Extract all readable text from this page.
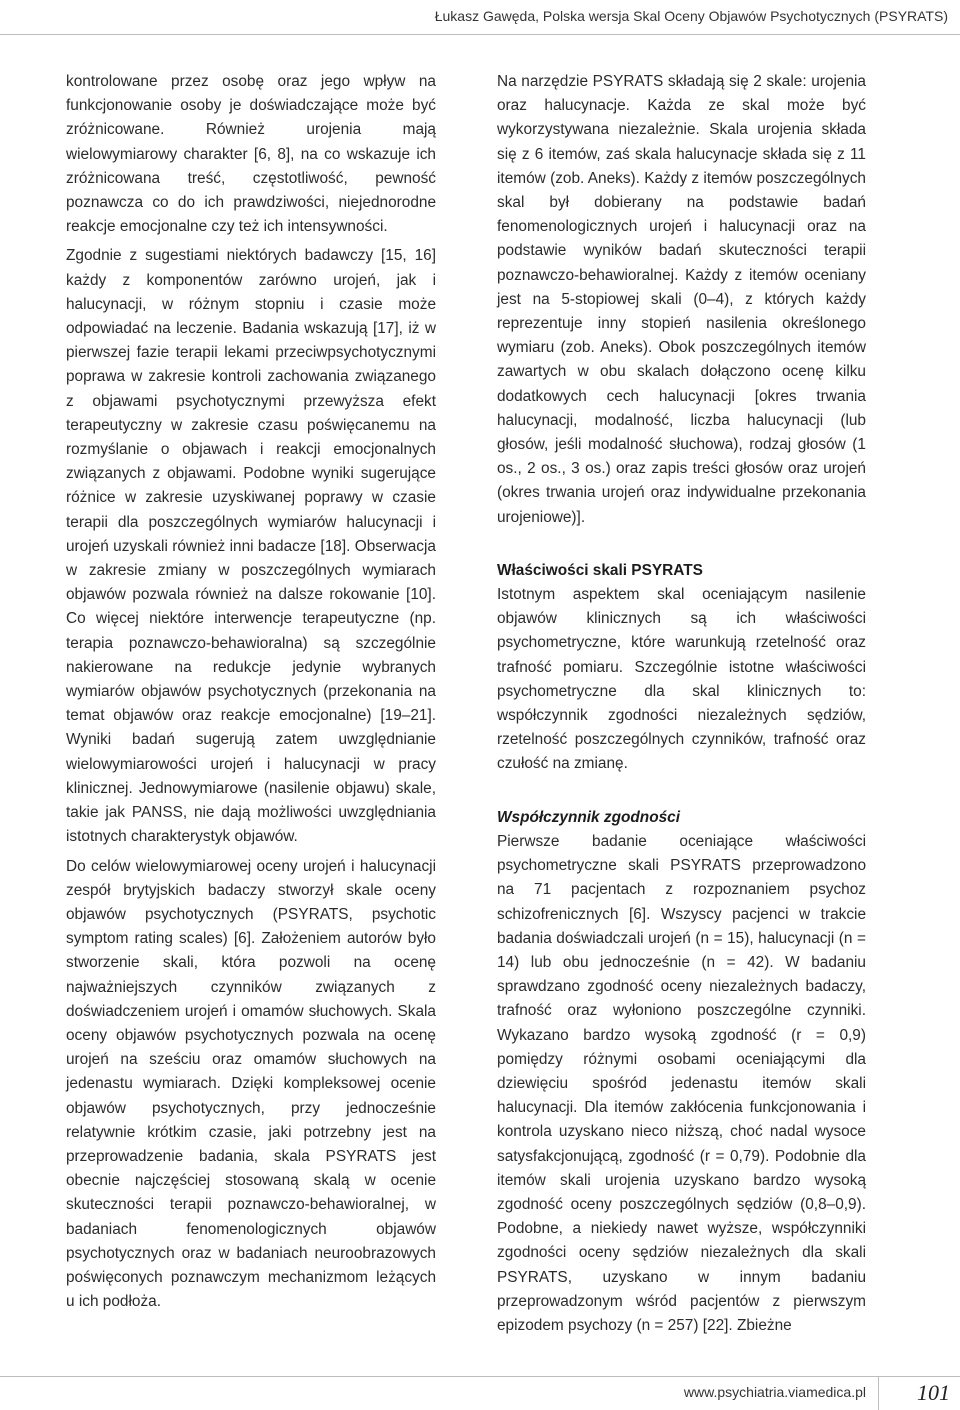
Łukasz Gawęda, Polska wersja Skal Oceny Objawów Psychotycznych (PSYRATS)

kontrolowane przez osobę oraz jego wpływ na funkcjonowanie osoby je doświadczające może być zróżnicowane. Również urojenia mają wielowymiarowy charakter [6, 8], na co wskazuje ich zróżnicowana treść, częstotliwość, pewność poznawcza co do ich prawdziwości, niejednorodne reakcje emocjonalne czy też ich intensywności.

Zgodnie z sugestiami niektórych badawczy [15, 16] każdy z komponentów zarówno urojeń, jak i halucynacji, w różnym stopniu i czasie może odpowiadać na leczenie. Badania wskazują [17], iż w pierwszej fazie terapii lekami przeciwpsychotycznymi poprawa w zakresie kontroli zachowania związanego z objawami psychotycznymi przewyższa efekt terapeutyczny w zakresie czasu poświęcanemu na rozmyślanie o objawach i reakcji emocjonalnych związanych z objawami. Podobne wyniki sugerujące różnice w zakresie uzyskiwanej poprawy w czasie terapii dla poszczególnych wymiarów halucynacji i urojeń uzyskali również inni badacze [18]. Obserwacja w zakresie zmiany w poszczególnych wymiarach objawów pozwala również na dalsze rokowanie [10]. Co więcej niektóre interwencje terapeutyczne (np. terapia poznawczo-behawioralna) są szczególnie nakierowane na redukcje jedynie wybranych wymiarów objawów psychotycznych (przekonania na temat objawów oraz reakcje emocjonalne) [19–21]. Wyniki badań sugerują zatem uwzględnianie wielowymiarowości urojeń i halucynacji w pracy klinicznej. Jednowymiarowe (nasilenie objawu) skale, takie jak PANSS, nie dają możliwości uwzględniania istotnych charakterystyk objawów.

Do celów wielowymiarowej oceny urojeń i halucynacji zespół brytyjskich badaczy stworzył skale oceny objawów psychotycznych (PSYRATS, psychotic symptom rating scales) [6]. Założeniem autorów było stworzenie skali, która pozwoli na ocenę najważniejszych czynników związanych z doświadczeniem urojeń i omamów słuchowych. Skala oceny objawów psychotycznych pozwala na ocenę urojeń na sześciu oraz omamów słuchowych na jedenastu wymiarach. Dzięki kompleksowej ocenie objawów psychotycznych, przy jednocześnie relatywnie krótkim czasie, jaki potrzebny jest na przeprowadzenie badania, skala PSYRATS jest obecnie najczęściej stosowaną skalą w ocenie skuteczności terapii poznawczo-behawioralnej, w badaniach fenomenologicznych objawów psychotycznych oraz w badaniach neuroobrazowych poświęconych poznawczym mechanizmom leżących u ich podłoża.

Na narzędzie PSYRATS składają się 2 skale: urojenia oraz halucynacje. Każda ze skal może być wykorzystywana niezależnie. Skala urojenia składa się z 6 itemów, zaś skala halucynacje składa się z 11 itemów (zob. Aneks). Każdy z itemów poszczególnych skal był dobierany na podstawie badań fenomenologicznych urojeń i halucynacji oraz na podstawie wyników badań skuteczności terapii poznawczo-behawioralnej. Każdy z itemów oceniany jest na 5-stopiowej skali (0–4), z których każdy reprezentuje inny stopień nasilenia określonego wymiaru (zob. Aneks). Obok poszczególnych itemów zawartych w obu skalach dołączono ocenę kilku dodatkowych cech halucynacji [okres trwania halucynacji, modalność, liczba halucynacji (lub głosów, jeśli modalność słuchowa), rodzaj głosów (1 os., 2 os., 3 os.) oraz zapis treści głosów oraz urojeń (okres trwania urojeń oraz indywidualne przekonania urojeniowe)].

Właściwości skali PSYRATS

Istotnym aspektem skal oceniającym nasilenie objawów klinicznych są ich właściwości psychometryczne, które warunkują rzetelność oraz trafność pomiaru. Szczególnie istotne właściwości psychometryczne dla skal klinicznych to: współczynnik zgodności niezależnych sędziów, rzetelność poszczególnych czynników, trafność oraz czułość na zmianę.

Współczynnik zgodności

Pierwsze badanie oceniające właściwości psychometryczne skali PSYRATS przeprowadzono na 71 pacjentach z rozpoznaniem psychoz schizofrenicznych [6]. Wszyscy pacjenci w trakcie badania doświadczali urojeń (n = 15), halucynacji (n = 14) lub obu jednocześnie (n = 42). W badaniu sprawdzano zgodność oceny niezależnych badaczy, trafność oraz wyłoniono poszczególne czynniki. Wykazano bardzo wysoką zgodność (r = 0,9) pomiędzy różnymi osobami oceniającymi dla dziewięciu spośród jedenastu itemów skali halucynacji. Dla itemów zakłócenia funkcjonowania i kontrola uzyskano nieco niższą, choć nadal wysoce satysfakcjonującą, zgodność (r = 0,79). Podobnie dla itemów skali urojenia uzyskano bardzo wysoką zgodność oceny poszczególnych sędziów (0,8–0,9). Podobne, a niekiedy nawet wyższe, współczynniki zgodności oceny sędziów niezależnych dla skali PSYRATS, uzyskano w innym badaniu przeprowadzonym wśród pacjentów z pierwszym epizodem psychozy (n = 257) [22]. Zbieżne

www.psychiatria.viamedica.pl 101
